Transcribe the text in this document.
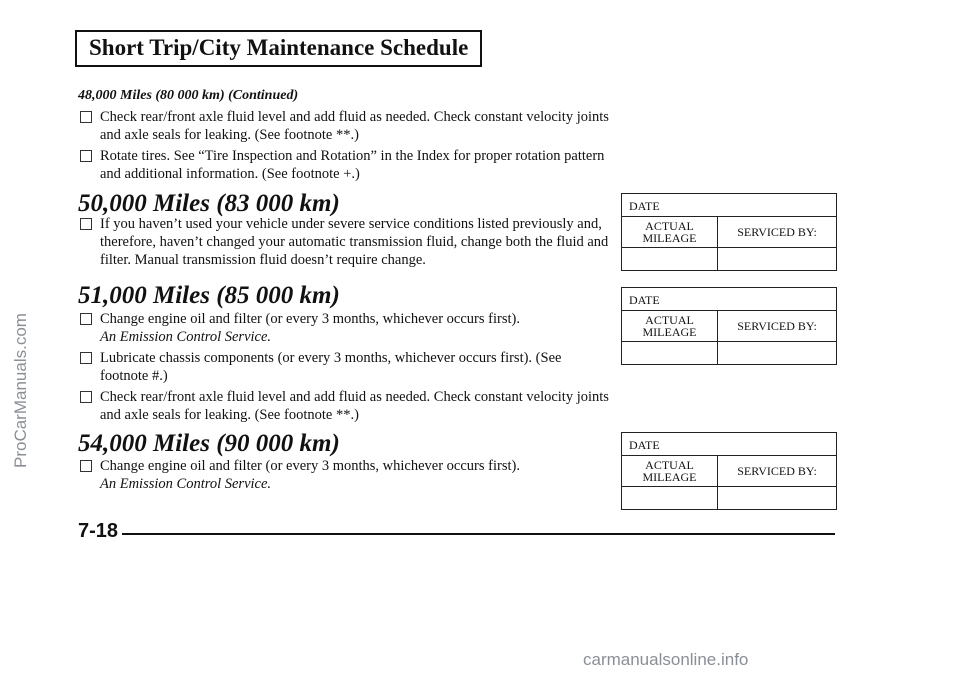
Short Trip/City Maintenance Schedule
48,000 Miles (80 000 km) (Continued)
Check rear/front axle fluid level and add fluid as needed. Check constant velocity joints and axle seals for leaking. (See footnote **.)
Rotate tires. See “Tire Inspection and Rotation” in the Index for proper rotation pattern and additional information. (See footnote +.)
50,000 Miles (83 000 km)
If you haven’t used your vehicle under severe service conditions listed previously and, therefore, haven’t changed your automatic transmission fluid, change both the fluid and filter. Manual transmission fluid doesn’t require change.
51,000 Miles (85 000 km)
Change engine oil and filter (or every 3 months, whichever occurs first).
An Emission Control Service.
Lubricate chassis components (or every 3 months, whichever occurs first). (See footnote #.)
Check rear/front axle fluid level and add fluid as needed. Check constant velocity joints and axle seals for leaking. (See footnote **.)
54,000 Miles (90 000 km)
Change engine oil and filter (or every 3 months, whichever occurs first).
An Emission Control Service.
DATE
ACTUAL MILEAGE	SERVICED BY:
DATE
ACTUAL MILEAGE	SERVICED BY:
DATE
ACTUAL MILEAGE	SERVICED BY:
7-18
ProCarManuals.com
carmanualsonline.info
